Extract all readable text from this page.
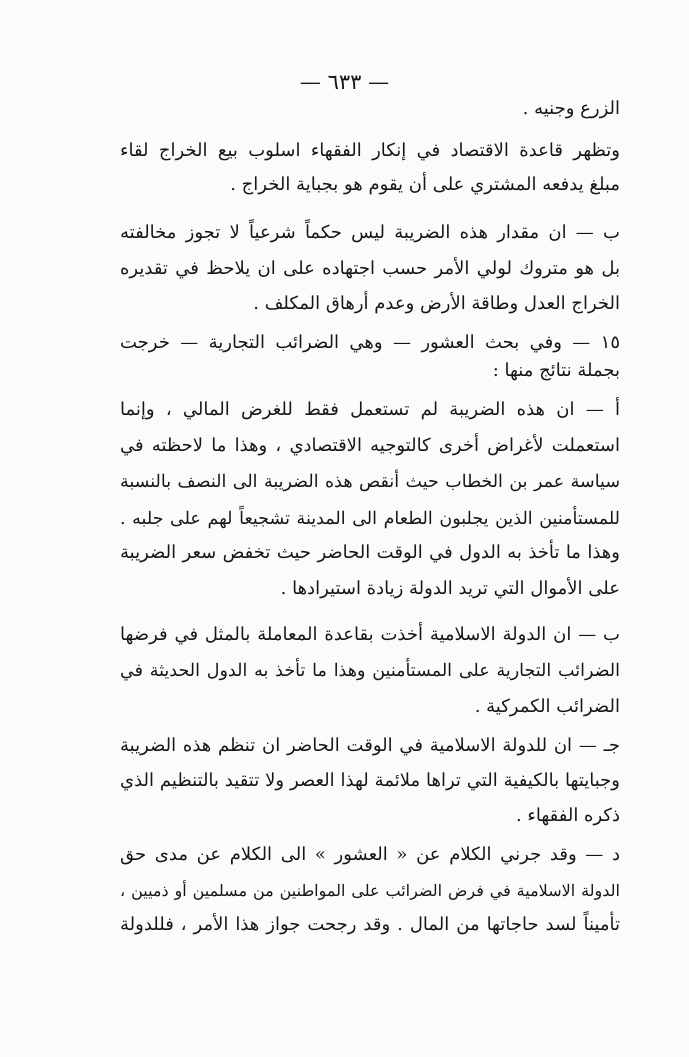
— ٦٣٣ —
الزرع وجنيه .
وتظهر قاعدة الاقتصاد في إنكار الفقهاء اسلوب بيع الخراج لقاء
مبلغ يدفعه المشتري على أن يقوم هو بجباية الخراج .
ب — ان مقدار هذه الضريبة ليس حكماً شرعياً لا تجوز مخالفته
بل هو متروك لولي الأمر حسب اجتهاده على ان يلاحظ في تقديره
الخراج العدل وطاقة الأرض وعدم أرهاق المكلف .
١٥ — وفي بحث العشور — وهي الضرائب التجارية — خرجت
بجملة نتائج منها :
أ — ان هذه الضريبة لم تستعمل فقط للغرض المالي ، وإنما
استعملت لأغراض أخرى كالتوجيه الاقتصادي ، وهذا ما لاحظته في
سياسة عمر بن الخطاب حيث أنقص هذه الضريبة الى النصف بالنسبة
للمستأمنين الذين يجلبون الطعام الى المدينة تشجيعاً لهم على جلبه .
وهذا ما تأخذ به الدول في الوقت الحاضر حيث تخفض سعر الضريبة
على الأموال التي تريد الدولة زيادة استيرادها .
ب — ان الدولة الاسلامية أخذت بقاعدة المعاملة بالمثل في فرضها
الضرائب التجارية على المستأمنين وهذا ما تأخذ به الدول الحديثة في
الضرائب الكمركية .
جـ — ان للدولة الاسلامية في الوقت الحاضر ان تنظم هذه الضريبة
وجبايتها بالكيفية التي تراها ملائمة لهذا العصر ولا تتقيد بالتنظيم الذي
ذكره الفقهاء .
د — وقد جرني الكلام عن « العشور » الى الكلام عن مدى حق
الدولة الاسلامية في فرض الضرائب على المواطنين من مسلمين أو ذميين ،
تأميناً لسد حاجاتها من المال . وقد رجحت جواز هذا الأمر ، فللدولة
